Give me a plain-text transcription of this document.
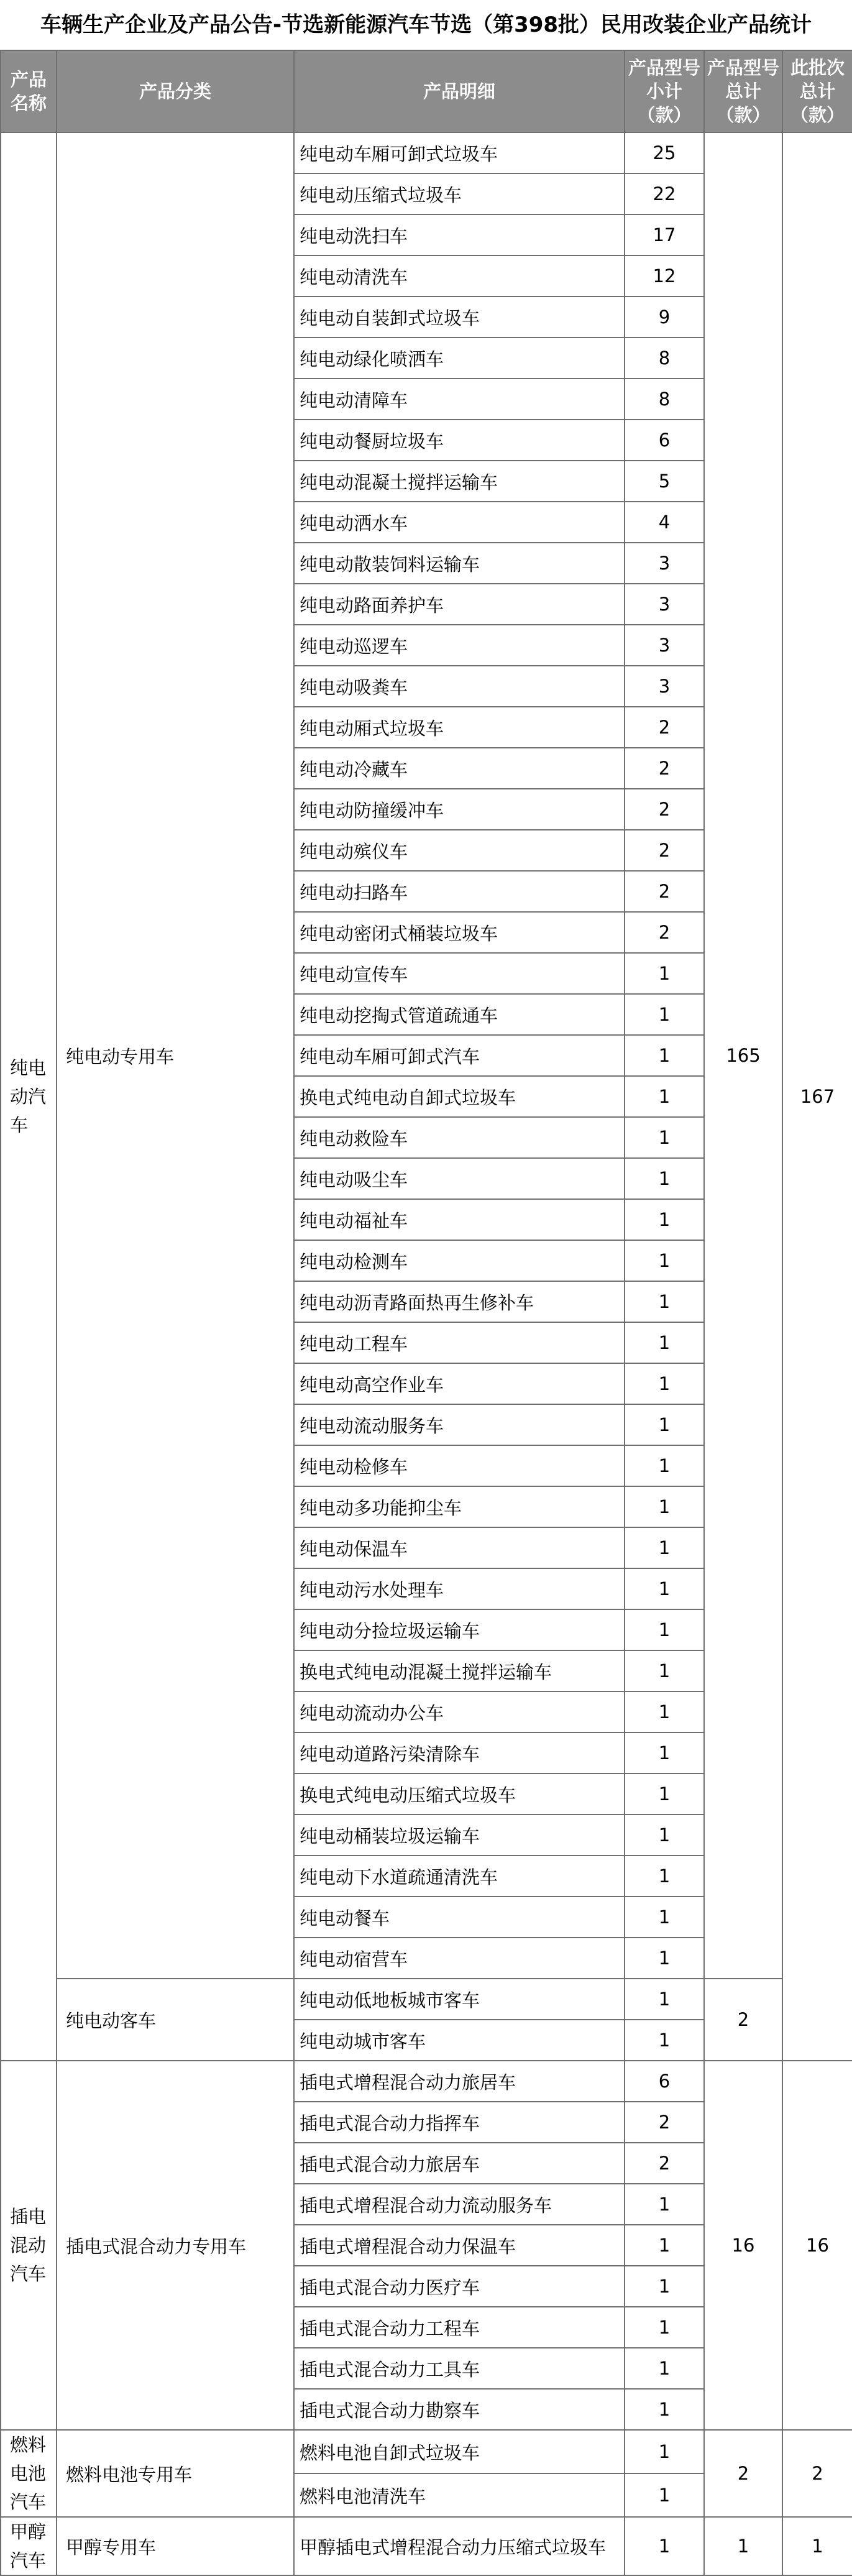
车辆生产企业及产品公告-节选新能源汽车节选（第398批）民用改装企业产品统计
产品名称	产品分类	产品明细	产品型号小计（款）	产品型号总计（款）	此批次总计（款）
纯电动汽车	纯电动专用车	纯电动车厢可卸式垃圾车	25	165	167
		纯电动压缩式垃圾车	22		
		纯电动洗扫车	17		
		纯电动清洗车	12		
		纯电动自装卸式垃圾车	9		
		纯电动绿化喷洒车	8		
		纯电动清障车	8		
		纯电动餐厨垃圾车	6		
		纯电动混凝土搅拌运输车	5		
		纯电动洒水车	4		
		纯电动散装饲料运输车	3		
		纯电动路面养护车	3		
		纯电动巡逻车	3		
		纯电动吸粪车	3		
		纯电动厢式垃圾车	2		
		纯电动冷藏车	2		
		纯电动防撞缓冲车	2		
		纯电动殡仪车	2		
		纯电动扫路车	2		
		纯电动密闭式桶装垃圾车	2		
		纯电动宣传车	1		
		纯电动挖掏式管道疏通车	1		
		纯电动车厢可卸式汽车	1		
		换电式纯电动自卸式垃圾车	1		
		纯电动救险车	1		
		纯电动吸尘车	1		
		纯电动福祉车	1		
		纯电动检测车	1		
		纯电动沥青路面热再生修补车	1		
		纯电动工程车	1		
		纯电动高空作业车	1		
		纯电动流动服务车	1		
		纯电动检修车	1		
		纯电动多功能抑尘车	1		
		纯电动保温车	1		
		纯电动污水处理车	1		
		纯电动分捡垃圾运输车	1		
		换电式纯电动混凝土搅拌运输车	1		
		纯电动流动办公车	1		
		纯电动道路污染清除车	1		
		换电式纯电动压缩式垃圾车	1		
		纯电动桶装垃圾运输车	1		
		纯电动下水道疏通清洗车	1		
		纯电动餐车	1		
		纯电动宿营车	1		
	纯电动客车	纯电动低地板城市客车	1	2	
		纯电动城市客车	1		
插电混动汽车	插电式混合动力专用车	插电式增程混合动力旅居车	6	16	16
		插电式混合动力指挥车	2		
		插电式混合动力旅居车	2		
		插电式增程混合动力流动服务车	1		
		插电式增程混合动力保温车	1		
		插电式混合动力医疗车	1		
		插电式混合动力工程车	1		
		插电式混合动力工具车	1		
		插电式混合动力勘察车	1		
燃料电池汽车	燃料电池专用车	燃料电池自卸式垃圾车	1	2	2
		燃料电池清洗车	1		
甲醇汽车	甲醇专用车	甲醇插电式增程混合动力压缩式垃圾车	1	1	1
